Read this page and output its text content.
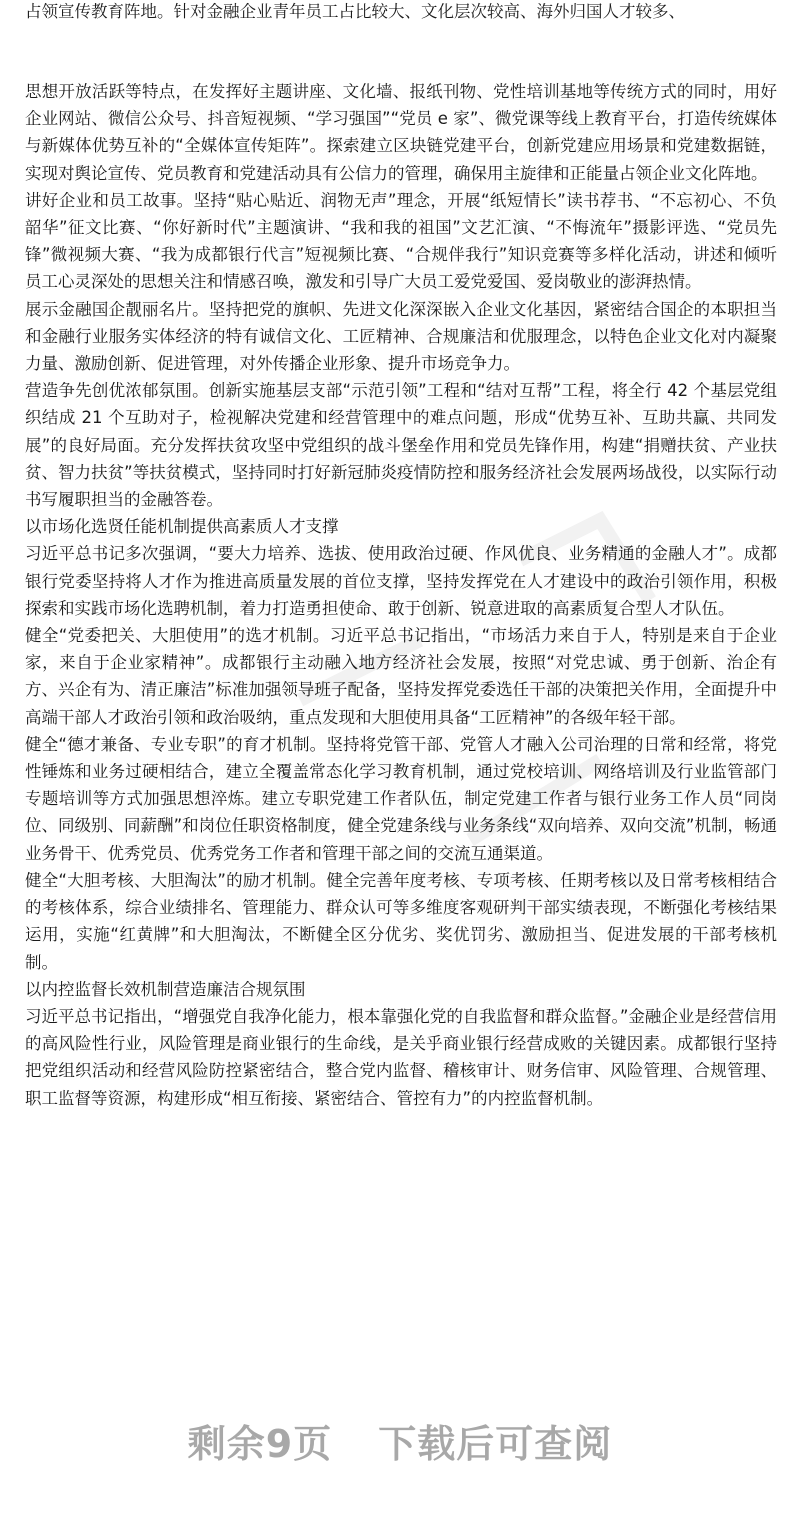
占领宣传教育阵地。针对金融企业青年员工占比较大、文化层次较高、海外归国人才较多、

思想开放活跃等特点，在发挥好主题讲座、文化墙、报纸刊物、党性培训基地等传统方式的同时，用好企业网站、微信公众号、抖音短视频、“学习强国”“党员 e 家”、微党课等线上教育平台，打造传统媒体与新媒体优势互补的“全媒体宣传矩阵”。探索建立区块链党建平台，创新党建应用场景和党建数据链，实现对舆论宣传、党员教育和党建活动具有公信力的管理，确保用主旋律和正能量占领企业文化阵地。

讲好企业和员工故事。坚持“贴心贴近、润物无声”理念，开展“纸短情长”读书荐书、“不忘初心、不负韶华”征文比赛、“你好新时代”主题演讲、“我和我的祖国”文艺汇演、“不悔流年”摄影评选、“党员先锋”微视频大赛、“我为成都银行代言”短视频比赛、“合规伴我行”知识竞赛等多样化活动，讲述和倾听员工心灵深处的思想关注和情感召唤，激发和引导广大员工爱党爱国、爱岗敬业的澎湃热情。

展示金融国企靓丽名片。坚持把党的旗帜、先进文化深深嵌入企业文化基因，紧密结合国企的本职担当和金融行业服务实体经济的特有诚信文化、工匠精神、合规廉洁和优服理念，以特色企业文化对内凝聚力量、激励创新、促进管理，对外传播企业形象、提升市场竞争力。

营造争先创优浓郁氛围。创新实施基层支部“示范引领”工程和“结对互帮”工程，将全行 42 个基层党组织结成 21 个互助对子，检视解决党建和经营管理中的难点问题，形成“优势互补、互助共赢、共同发展”的良好局面。充分发挥扶贫攻坚中党组织的战斗堡垒作用和党员先锋作用，构建“捐赠扶贫、产业扶贫、智力扶贫”等扶贫模式，坚持同时打好新冠肺炎疫情防控和服务经济社会发展两场战役，以实际行动书写履职担当的金融答卷。

以市场化选贤任能机制提供高素质人才支撑

习近平总书记多次强调，“要大力培养、选拔、使用政治过硬、作风优良、业务精通的金融人才”。成都银行党委坚持将人才作为推进高质量发展的首位支撑，坚持发挥党在人才建设中的政治引领作用，积极探索和实践市场化选聘机制，着力打造勇担使命、敢于创新、锐意进取的高素质复合型人才队伍。

健全“党委把关、大胆使用”的选才机制。习近平总书记指出，“市场活力来自于人，特别是来自于企业家，来自于企业家精神”。成都银行主动融入地方经济社会发展，按照“对党忠诚、勇于创新、治企有方、兴企有为、清正廉洁”标准加强领导班子配备，坚持发挥党委选任干部的决策把关作用，全面提升中高端干部人才政治引领和政治吸纳，重点发现和大胆使用具备“工匠精神”的各级年轻干部。

健全“德才兼备、专业专职”的育才机制。坚持将党管干部、党管人才融入公司治理的日常和经常，将党性锤炼和业务过硬相结合，建立全覆盖常态化学习教育机制，通过党校培训、网络培训及行业监管部门专题培训等方式加强思想淬炼。建立专职党建工作者队伍，制定党建工作者与银行业务工作人员“同岗位、同级别、同薪酬”和岗位任职资格制度，健全党建条线与业务条线“双向培养、双向交流”机制，畅通业务骨干、优秀党员、优秀党务工作者和管理干部之间的交流互通渠道。

健全“大胆考核、大胆淘汰”的励才机制。健全完善年度考核、专项考核、任期考核以及日常考核相结合的考核体系，综合业绩排名、管理能力、群众认可等多维度客观研判干部实绩表现，不断强化考核结果运用，实施“红黄牌”和大胆淘汰，不断健全区分优劣、奖优罚劣、激励担当、促进发展的干部考核机制。

以内控监督长效机制营造廉洁合规氛围

习近平总书记指出，“增强党自我净化能力，根本靠强化党的自我监督和群众监督。”金融企业是经营信用的高风险性行业，风险管理是商业银行的生命线，是关乎商业银行经营成败的关键因素。成都银行坚持把党组织活动和经营风险防控紧密结合，整合党内监督、稽核审计、财务信审、风险管理、合规管理、职工监督等资源，构建形成“相互衔接、紧密结合、管控有力”的内控监督机制。

剩余9页 下载后可查阅
